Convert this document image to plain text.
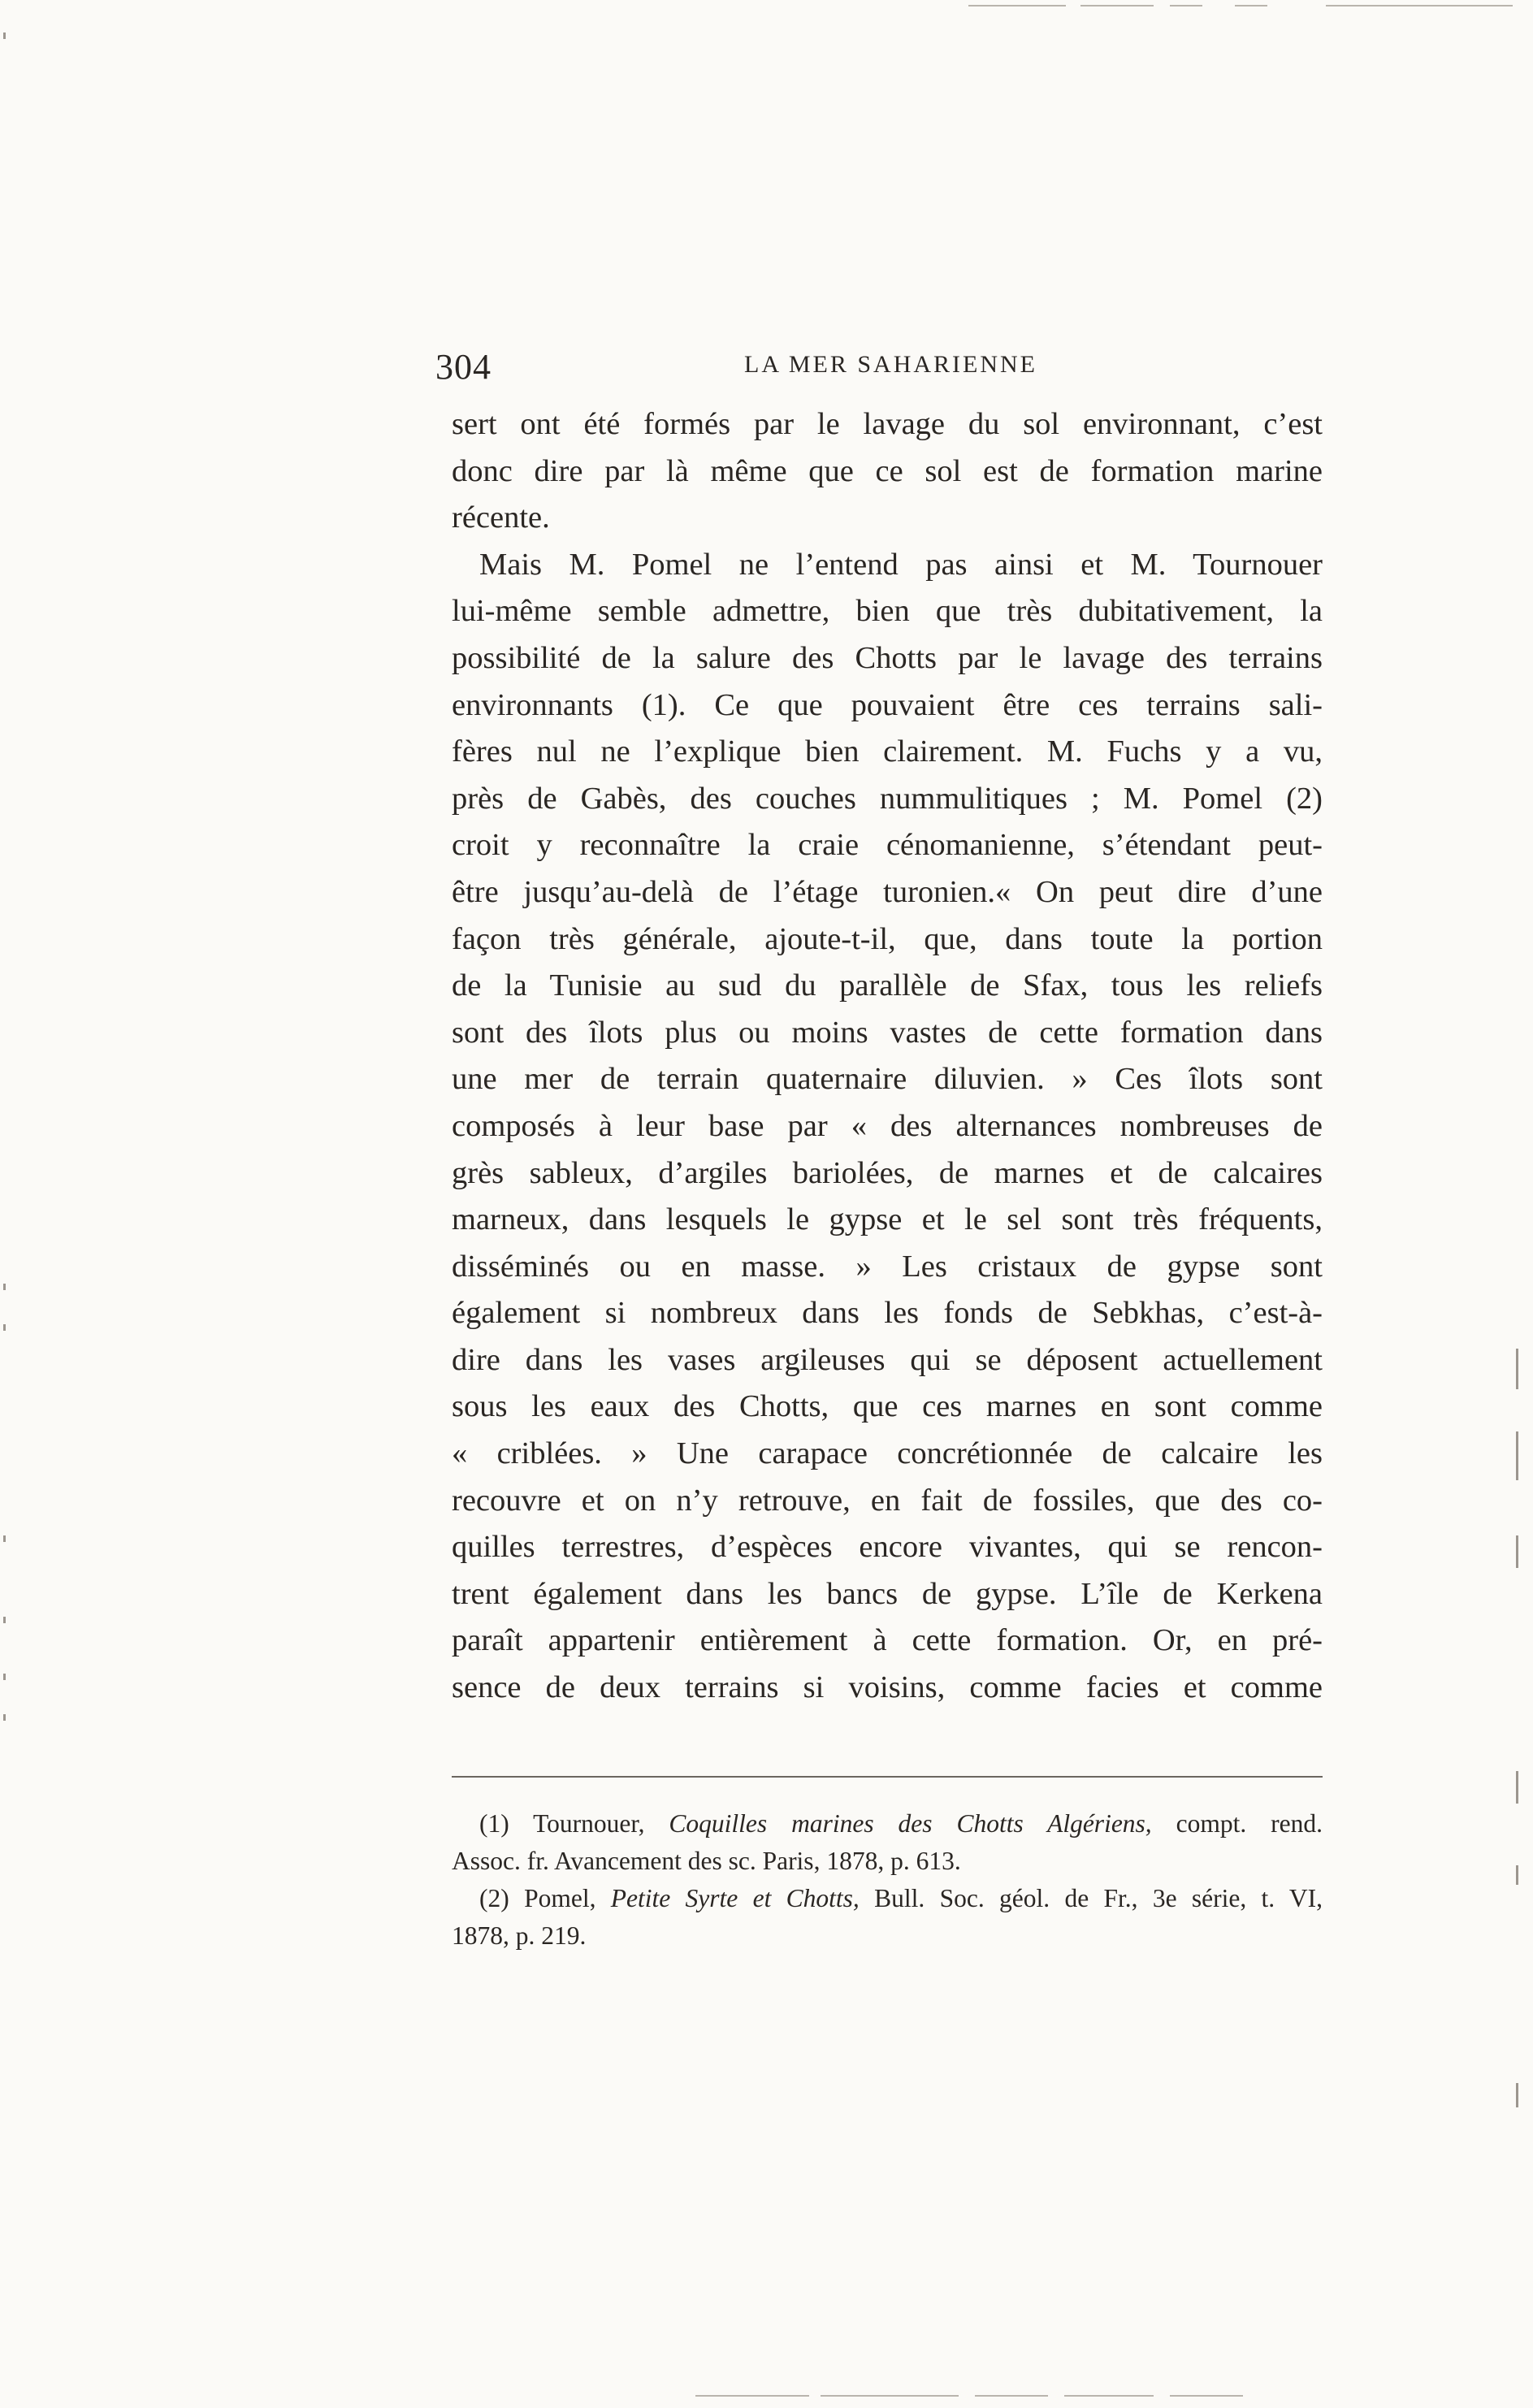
304	LA MER SAHARIENNE
sert ont été formés par le lavage du sol environnant, c’est
donc dire par là même que ce sol est de formation marine
récente.
Mais M. Pomel ne l’entend pas ainsi et M. Tournouer
lui-même semble admettre, bien que très dubitativement, la
possibilité de la salure des Chotts par le lavage des terrains
environnants (1). Ce que pouvaient être ces terrains sali-
fères nul ne l’explique bien clairement. M. Fuchs y a vu,
près de Gabès, des couches nummulitiques ; M. Pomel (2)
croit y reconnaître la craie cénomanienne, s’étendant peut-
être jusqu’au-delà de l’étage turonien.« On peut dire d’une
façon très générale, ajoute-t-il, que, dans toute la portion
de la Tunisie au sud du parallèle de Sfax, tous les reliefs
sont des îlots plus ou moins vastes de cette formation dans
une mer de terrain quaternaire diluvien. » Ces îlots sont
composés à leur base par « des alternances nombreuses de
grès sableux, d’argiles bariolées, de marnes et de calcaires
marneux, dans lesquels le gypse et le sel sont très fréquents,
disséminés ou en masse. » Les cristaux de gypse sont
également si nombreux dans les fonds de Sebkhas, c’est-à-
dire dans les vases argileuses qui se déposent actuellement
sous les eaux des Chotts, que ces marnes en sont comme
« criblées. » Une carapace concrétionnée de calcaire les
recouvre et on n’y retrouve, en fait de fossiles, que des co-
quilles terrestres, d’espèces encore vivantes, qui se rencon-
trent également dans les bancs de gypse. L’île de Kerkena
paraît appartenir entièrement à cette formation. Or, en pré-
sence de deux terrains si voisins, comme facies et comme
(1) Tournouer, Coquilles marines des Chotts Algériens, compt. rend.
Assoc. fr. Avancement des sc. Paris, 1878, p. 613.
(2) Pomel, Petite Syrte et Chotts, Bull. Soc. géol. de Fr., 3e série, t. VI,
1878, p. 219.
